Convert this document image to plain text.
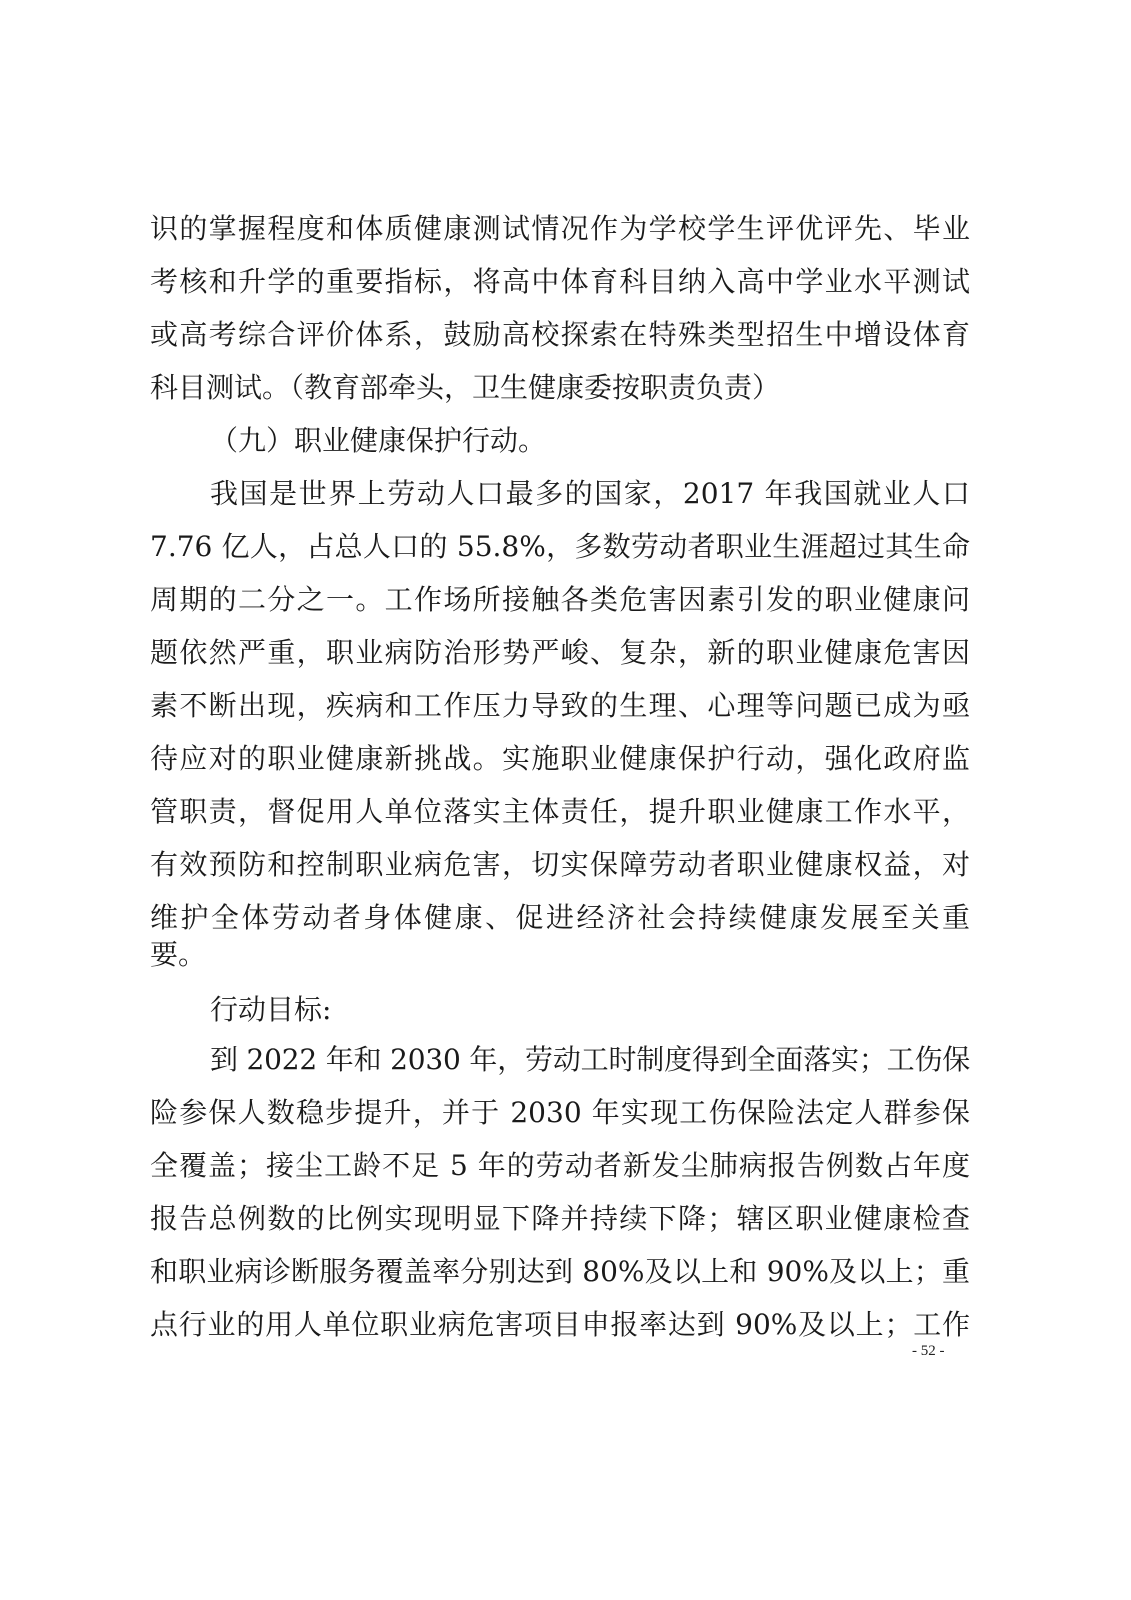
识的掌握程度和体质健康测试情况作为学校学生评优评先、毕业
考核和升学的重要指标，将高中体育科目纳入高中学业水平测试
或高考综合评价体系，鼓励高校探索在特殊类型招生中增设体育
科目测试。（教育部牵头，卫生健康委按职责负责）
（九）职业健康保护行动。
我国是世界上劳动人口最多的国家，2017 年我国就业人口
7.76 亿人，占总人口的 55.8%，多数劳动者职业生涯超过其生命
周期的二分之一。工作场所接触各类危害因素引发的职业健康问
题依然严重，职业病防治形势严峻、复杂，新的职业健康危害因
素不断出现，疾病和工作压力导致的生理、心理等问题已成为亟
待应对的职业健康新挑战。实施职业健康保护行动，强化政府监
管职责，督促用人单位落实主体责任，提升职业健康工作水平，
有效预防和控制职业病危害，切实保障劳动者职业健康权益，对
维护全体劳动者身体健康、促进经济社会持续健康发展至关重
要。
行动目标:
到 2022 年和 2030 年，劳动工时制度得到全面落实；工伤保
险参保人数稳步提升，并于 2030 年实现工伤保险法定人群参保
全覆盖；接尘工龄不足 5 年的劳动者新发尘肺病报告例数占年度
报告总例数的比例实现明显下降并持续下降；辖区职业健康检查
和职业病诊断服务覆盖率分别达到 80%及以上和 90%及以上；重
点行业的用人单位职业病危害项目申报率达到 90%及以上；工作
- 52 -
